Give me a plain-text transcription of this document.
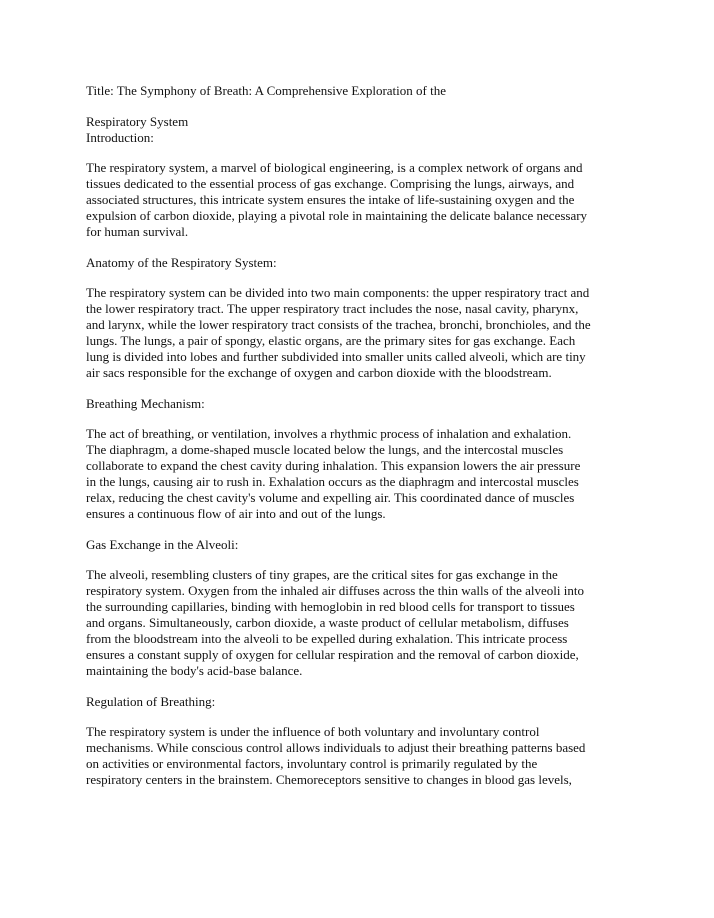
Title: The Symphony of Breath: A Comprehensive Exploration of the

Respiratory System

Introduction:

The respiratory system, a marvel of biological engineering, is a complex network of organs and
tissues dedicated to the essential process of gas exchange. Comprising the lungs, airways, and
associated structures, this intricate system ensures the intake of life-sustaining oxygen and the
expulsion of carbon dioxide, playing a pivotal role in maintaining the delicate balance necessary
for human survival.

Anatomy of the Respiratory System:

The respiratory system can be divided into two main components: the upper respiratory tract and
the lower respiratory tract. The upper respiratory tract includes the nose, nasal cavity, pharynx,
and larynx, while the lower respiratory tract consists of the trachea, bronchi, bronchioles, and the
lungs. The lungs, a pair of spongy, elastic organs, are the primary sites for gas exchange. Each
lung is divided into lobes and further subdivided into smaller units called alveoli, which are tiny
air sacs responsible for the exchange of oxygen and carbon dioxide with the bloodstream.

Breathing Mechanism:

The act of breathing, or ventilation, involves a rhythmic process of inhalation and exhalation.
The diaphragm, a dome-shaped muscle located below the lungs, and the intercostal muscles
collaborate to expand the chest cavity during inhalation. This expansion lowers the air pressure
in the lungs, causing air to rush in. Exhalation occurs as the diaphragm and intercostal muscles
relax, reducing the chest cavity's volume and expelling air. This coordinated dance of muscles
ensures a continuous flow of air into and out of the lungs.

Gas Exchange in the Alveoli:

The alveoli, resembling clusters of tiny grapes, are the critical sites for gas exchange in the
respiratory system. Oxygen from the inhaled air diffuses across the thin walls of the alveoli into
the surrounding capillaries, binding with hemoglobin in red blood cells for transport to tissues
and organs. Simultaneously, carbon dioxide, a waste product of cellular metabolism, diffuses
from the bloodstream into the alveoli to be expelled during exhalation. This intricate process
ensures a constant supply of oxygen for cellular respiration and the removal of carbon dioxide,
maintaining the body's acid-base balance.

Regulation of Breathing:

The respiratory system is under the influence of both voluntary and involuntary control
mechanisms. While conscious control allows individuals to adjust their breathing patterns based
on activities or environmental factors, involuntary control is primarily regulated by the
respiratory centers in the brainstem. Chemoreceptors sensitive to changes in blood gas levels,
